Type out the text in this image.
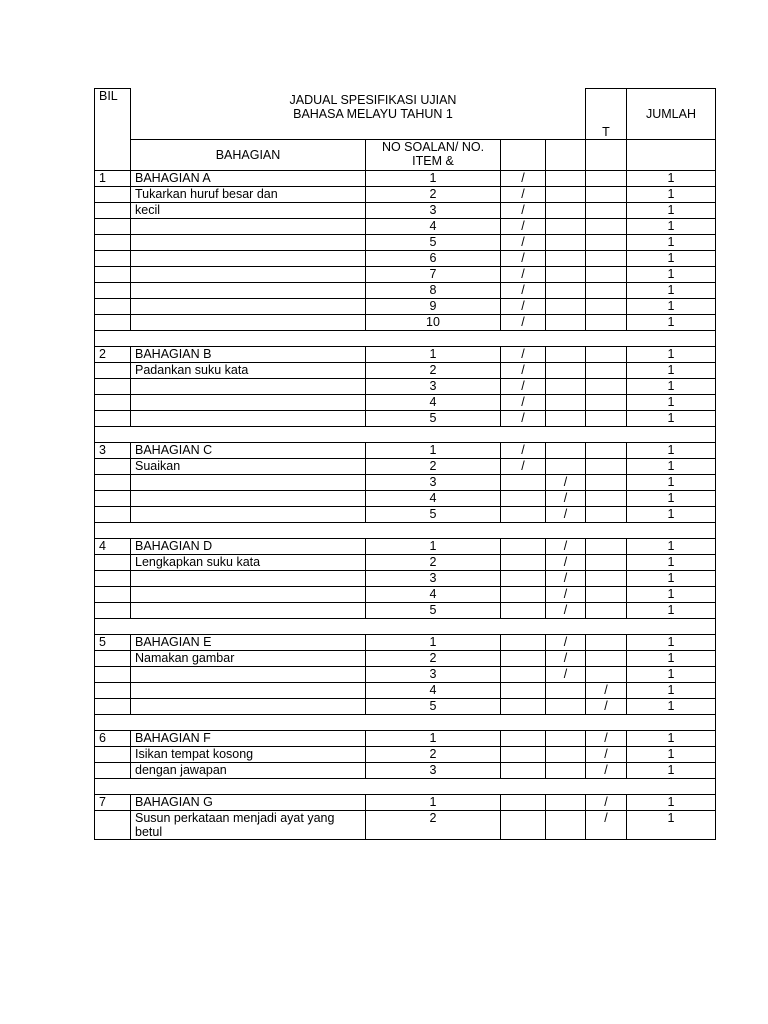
BIL	JADUAL SPESIFIKASI UJIAN
BAHASA MELAYU TAHUN 1				T	JUMLAH
	BAHAGIAN	NO SOALAN/ NO. ITEM &				
1	BAHAGIAN A	1	/			1
	Tukarkan huruf besar dan	2	/			1
	kecil	3	/			1
		4	/			1
		5	/			1
		6	/			1
		7	/			1
		8	/			1
		9	/			1
		10	/			1

2	BAHAGIAN B	1	/			1
	Padankan suku kata	2	/			1
		3	/			1
		4	/			1
		5	/			1

3	BAHAGIAN C	1	/			1
	Suaikan	2	/			1
		3		/		1
		4		/		1
		5		/		1

4	BAHAGIAN D	1		/		1
	Lengkapkan suku kata	2		/		1
		3		/		1
		4		/		1
		5		/		1

5	BAHAGIAN E	1		/		1
	Namakan gambar	2		/		1
		3		/		1
		4			/	1
		5			/	1

6	BAHAGIAN F	1			/	1
	Isikan tempat kosong	2			/	1
	dengan jawapan	3			/	1

7	BAHAGIAN G	1			/	1
	Susun perkataan menjadi ayat yang betul	2			/	1
